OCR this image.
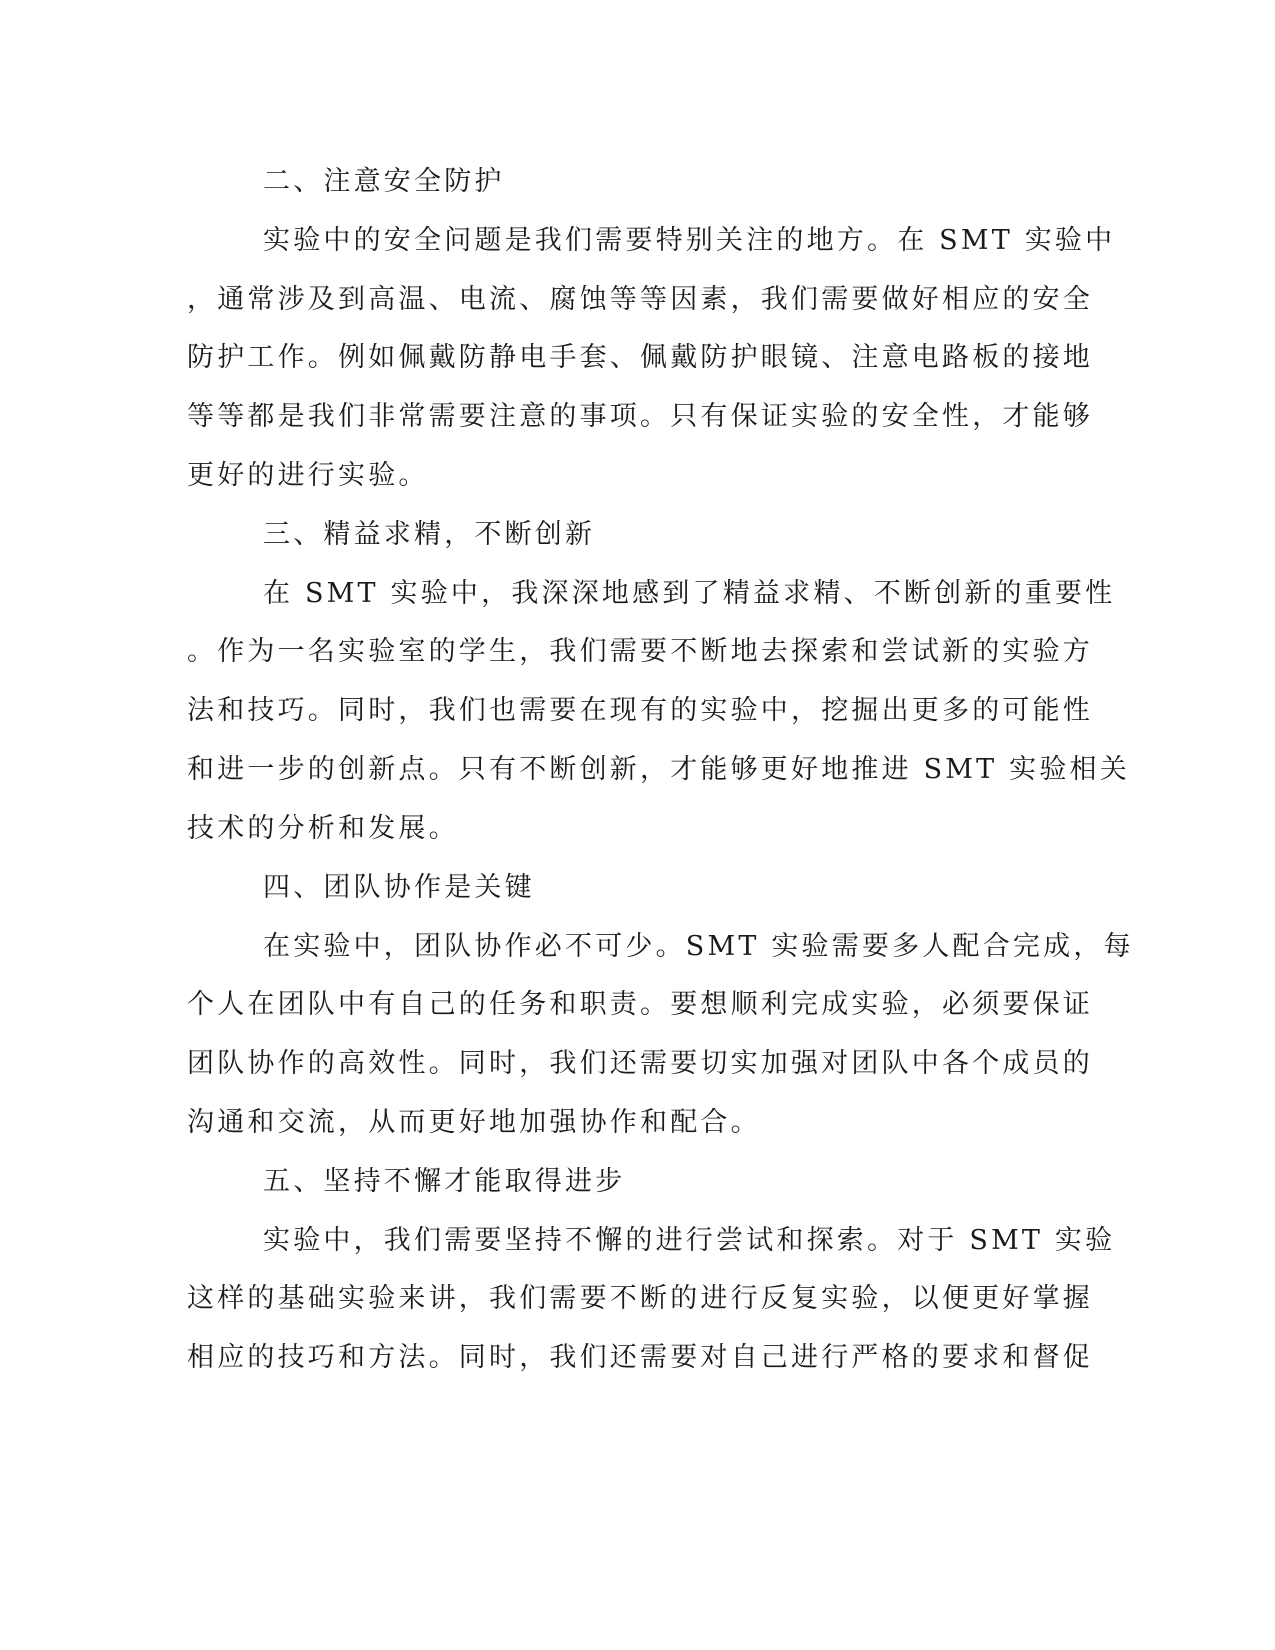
二、注意安全防护
实验中的安全问题是我们需要特别关注的地方。在 SMT 实验中
，通常涉及到高温、电流、腐蚀等等因素，我们需要做好相应的安全
防护工作。例如佩戴防静电手套、佩戴防护眼镜、注意电路板的接地
等等都是我们非常需要注意的事项。只有保证实验的安全性，才能够
更好的进行实验。
三、精益求精，不断创新
在 SMT 实验中，我深深地感到了精益求精、不断创新的重要性
。作为一名实验室的学生，我们需要不断地去探索和尝试新的实验方
法和技巧。同时，我们也需要在现有的实验中，挖掘出更多的可能性
和进一步的创新点。只有不断创新，才能够更好地推进 SMT 实验相关
技术的分析和发展。
四、团队协作是关键
在实验中，团队协作必不可少。SMT 实验需要多人配合完成，每
个人在团队中有自己的任务和职责。要想顺利完成实验，必须要保证
团队协作的高效性。同时，我们还需要切实加强对团队中各个成员的
沟通和交流，从而更好地加强协作和配合。
五、坚持不懈才能取得进步
实验中，我们需要坚持不懈的进行尝试和探索。对于 SMT 实验
这样的基础实验来讲，我们需要不断的进行反复实验，以便更好掌握
相应的技巧和方法。同时，我们还需要对自己进行严格的要求和督促
